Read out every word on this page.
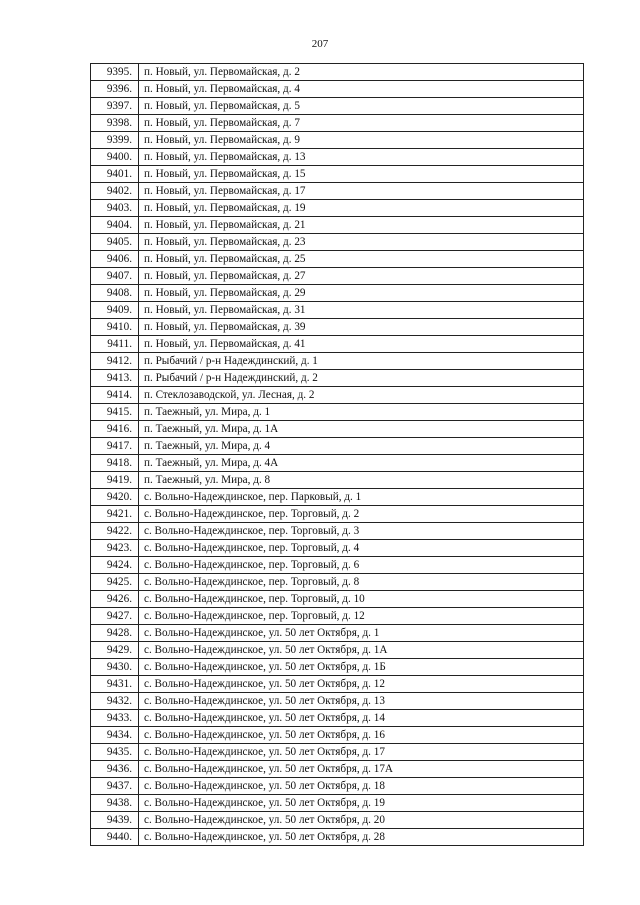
207
9395.	п. Новый, ул. Первомайская, д. 2
9396.	п. Новый, ул. Первомайская, д. 4
9397.	п. Новый, ул. Первомайская, д. 5
9398.	п. Новый, ул. Первомайская, д. 7
9399.	п. Новый, ул. Первомайская, д. 9
9400.	п. Новый, ул. Первомайская, д. 13
9401.	п. Новый, ул. Первомайская, д. 15
9402.	п. Новый, ул. Первомайская, д. 17
9403.	п. Новый, ул. Первомайская, д. 19
9404.	п. Новый, ул. Первомайская, д. 21
9405.	п. Новый, ул. Первомайская, д. 23
9406.	п. Новый, ул. Первомайская, д. 25
9407.	п. Новый, ул. Первомайская, д. 27
9408.	п. Новый, ул. Первомайская, д. 29
9409.	п. Новый, ул. Первомайская, д. 31
9410.	п. Новый, ул. Первомайская, д. 39
9411.	п. Новый, ул. Первомайская, д. 41
9412.	п. Рыбачий / р-н Надеждинский, д. 1
9413.	п. Рыбачий / р-н Надеждинский, д. 2
9414.	п. Стеклозаводской, ул. Лесная, д. 2
9415.	п. Таежный, ул. Мира, д. 1
9416.	п. Таежный, ул. Мира, д. 1А
9417.	п. Таежный, ул. Мира, д. 4
9418.	п. Таежный, ул. Мира, д. 4А
9419.	п. Таежный, ул. Мира, д. 8
9420.	с. Вольно-Надеждинское, пер. Парковый, д. 1
9421.	с. Вольно-Надеждинское, пер. Торговый, д. 2
9422.	с. Вольно-Надеждинское, пер. Торговый, д. 3
9423.	с. Вольно-Надеждинское, пер. Торговый, д. 4
9424.	с. Вольно-Надеждинское, пер. Торговый, д. 6
9425.	с. Вольно-Надеждинское, пер. Торговый, д. 8
9426.	с. Вольно-Надеждинское, пер. Торговый, д. 10
9427.	с. Вольно-Надеждинское, пер. Торговый, д. 12
9428.	с. Вольно-Надеждинское, ул. 50 лет Октября, д. 1
9429.	с. Вольно-Надеждинское, ул. 50 лет Октября, д. 1А
9430.	с. Вольно-Надеждинское, ул. 50 лет Октября, д. 1Б
9431.	с. Вольно-Надеждинское, ул. 50 лет Октября, д. 12
9432.	с. Вольно-Надеждинское, ул. 50 лет Октября, д. 13
9433.	с. Вольно-Надеждинское, ул. 50 лет Октября, д. 14
9434.	с. Вольно-Надеждинское, ул. 50 лет Октября, д. 16
9435.	с. Вольно-Надеждинское, ул. 50 лет Октября, д. 17
9436.	с. Вольно-Надеждинское, ул. 50 лет Октября, д. 17А
9437.	с. Вольно-Надеждинское, ул. 50 лет Октября, д. 18
9438.	с. Вольно-Надеждинское, ул. 50 лет Октября, д. 19
9439.	с. Вольно-Надеждинское, ул. 50 лет Октября, д. 20
9440.	с. Вольно-Надеждинское, ул. 50 лет Октября, д. 28
